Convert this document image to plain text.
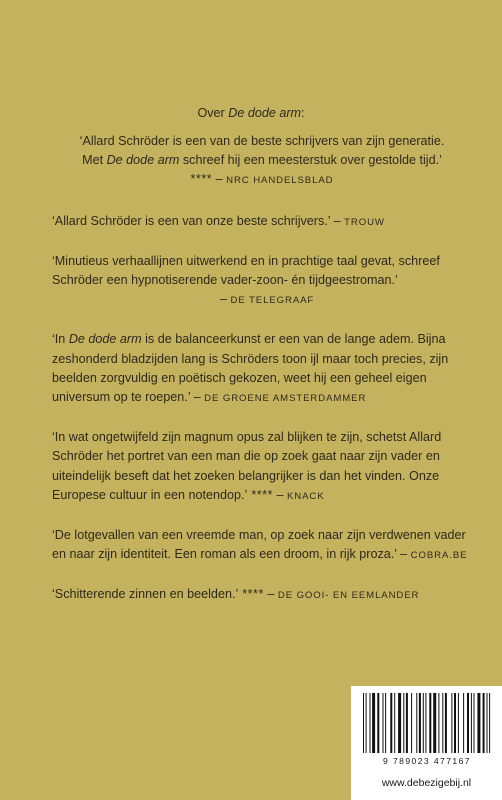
Over De dode arm:

‘Allard Schröder is een van de beste schrijvers van zijn generatie.
Met De dode arm schreef hij een meesterstuk over gestolde tijd.’
**** – NRC HANDELSBLAD

‘Allard Schröder is een van onze beste schrijvers.’ – TROUW

‘Minutieus verhaallijnen uitwerkend en in prachtige taal gevat, schreef Schröder een hypnotiserende vader-zoon- én tijdgeestroman.’
– DE TELEGRAAF

‘In De dode arm is de balanceerkunst er een van de lange adem. Bijna zeshonderd bladzijden lang is Schröders toon ijl maar toch precies, zijn beelden zorgvuldig en poëtisch gekozen, weet hij een geheel eigen universum op te roepen.’ – DE GROENE AMSTERDAMMER

‘In wat ongetwijfeld zijn magnum opus zal blijken te zijn, schetst Allard Schröder het portret van een man die op zoek gaat naar zijn vader en uiteindelijk beseft dat het zoeken belangrijker is dan het vinden. Onze Europese cultuur in een notendop.’ **** – KNACK

‘De lotgevallen van een vreemde man, op zoek naar zijn verdwenen vader en naar zijn identiteit. Een roman als een droom, in rijk proza.’ – COBRA.BE

‘Schitterende zinnen en beelden.’ **** – DE GOOI- EN EEMLANDER

9 789023 477167
www.debezigebij.nl
